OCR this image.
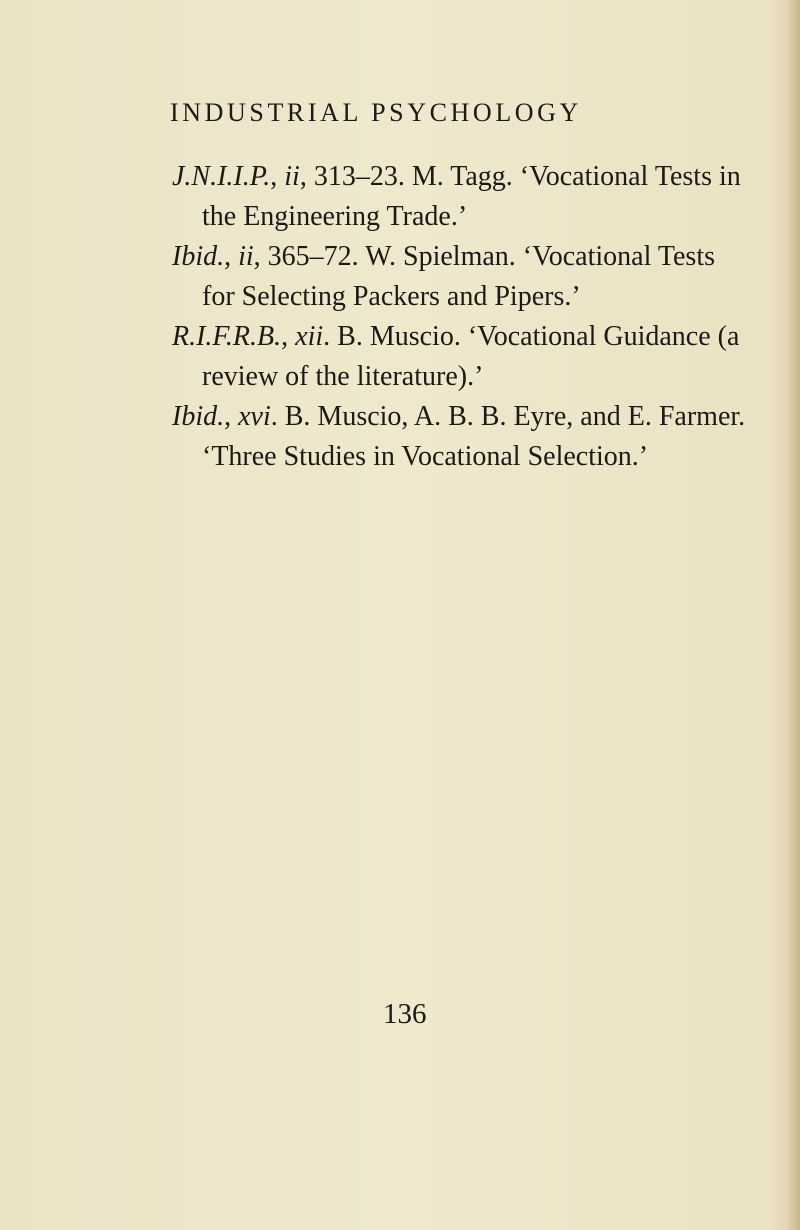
INDUSTRIAL PSYCHOLOGY

J.N.I.I.P., ii, 313–23. M. Tagg. ‘Vocational Tests in the Engineering Trade.’

Ibid., ii, 365–72. W. Spielman. ‘Vocational Tests for Selecting Packers and Pipers.’

R.I.F.R.B., xii. B. Muscio. ‘Vocational Guidance (a review of the literature).’

Ibid., xvi. B. Muscio, A. B. B. Eyre, and E. Farmer. ‘Three Studies in Vocational Selection.’

136
